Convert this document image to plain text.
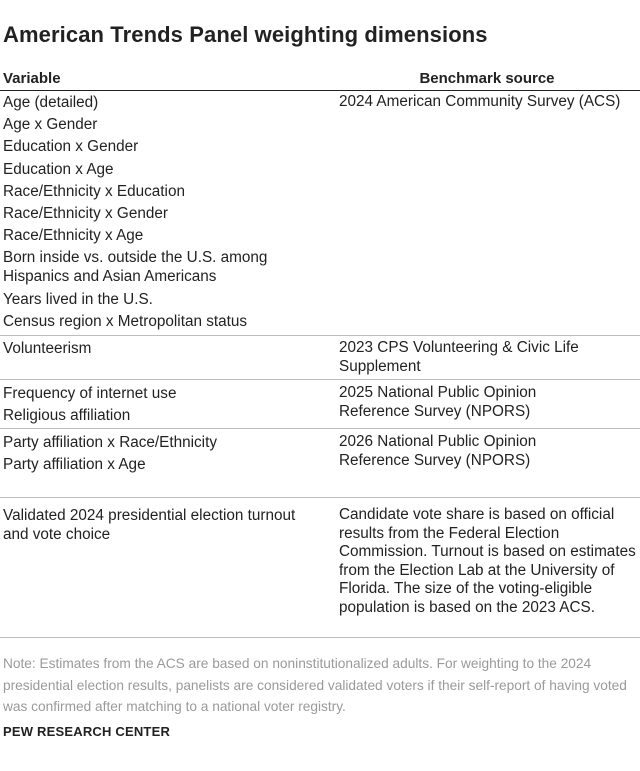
American Trends Panel weighting dimensions
Variable	Benchmark source
Age (detailed)
Age x Gender
Education x Gender
Education x Age
Race/Ethnicity x Education
Race/Ethnicity x Gender
Race/Ethnicity x Age
Born inside vs. outside the U.S. among Hispanics and Asian Americans
Years lived in the U.S.
Census region x Metropolitan status
2024 American Community Survey (ACS)
Volunteerism	2023 CPS Volunteering & Civic Life Supplement
Frequency of internet use
Religious affiliation
2025 National Public Opinion Reference Survey (NPORS)
Party affiliation x Race/Ethnicity
Party affiliation x Age
2026 National Public Opinion Reference Survey (NPORS)
Validated 2024 presidential election turnout and vote choice
Candidate vote share is based on official results from the Federal Election Commission. Turnout is based on estimates from the Election Lab at the University of Florida. The size of the voting-eligible population is based on the 2023 ACS.
Note: Estimates from the ACS are based on noninstitutionalized adults. For weighting to the 2024 presidential election results, panelists are considered validated voters if their self-report of having voted was confirmed after matching to a national voter registry.
PEW RESEARCH CENTER
